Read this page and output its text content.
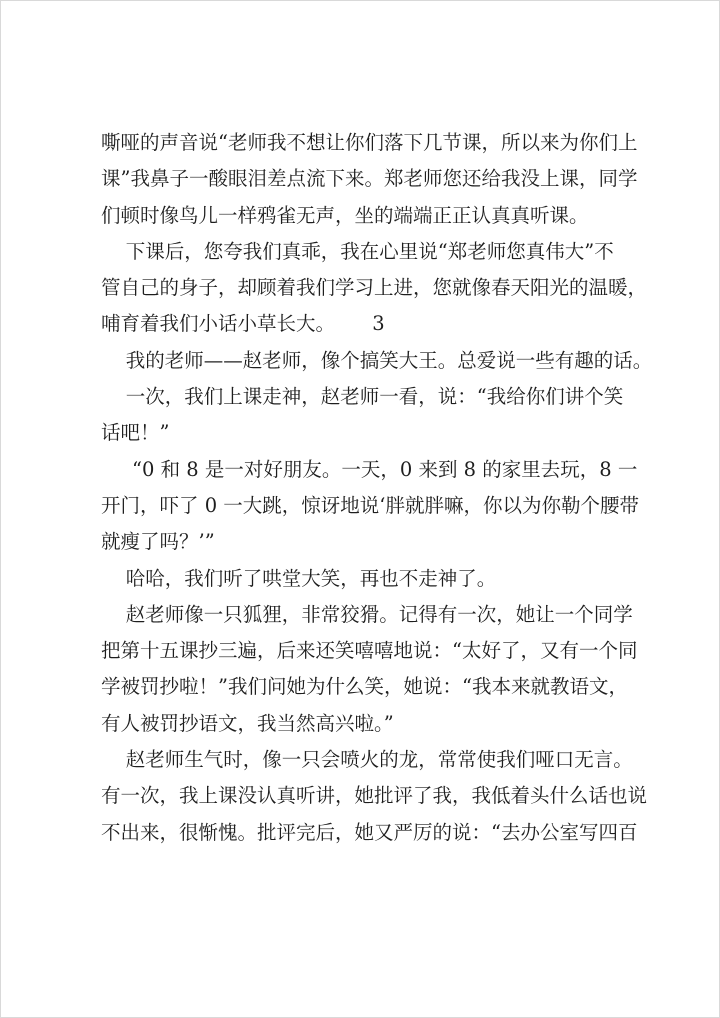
嘶哑的声音说“老师我不想让你们落下几节课，所以来为你们上

课”我鼻子一酸眼泪差点流下来。郑老师您还给我没上课，同学

们顿时像鸟儿一样鸦雀无声，坐的端端正正认真真听课。

下课后，您夸我们真乖，我在心里说“郑老师您真伟大”不

管自己的身子，却顾着我们学习上进，您就像春天阳光的温暖，

哺育着我们小话小草长大。      3

我的老师——赵老师，像个搞笑大王。总爱说一些有趣的话。

一次，我们上课走神，赵老师一看，说：“我给你们讲个笑

话吧！”

“0 和 8 是一对好朋友。一天，0 来到 8 的家里去玩，8 一

开门，吓了 0 一大跳，惊讶地说‘胖就胖嘛，你以为你勒个腰带

就瘦了吗？’”

哈哈，我们听了哄堂大笑，再也不走神了。

赵老师像一只狐狸，非常狡猾。记得有一次，她让一个同学

把第十五课抄三遍，后来还笑嘻嘻地说：“太好了，又有一个同

学被罚抄啦！”我们问她为什么笑，她说：“我本来就教语文，

有人被罚抄语文，我当然高兴啦。”

赵老师生气时，像一只会喷火的龙，常常使我们哑口无言。

有一次，我上课没认真听讲，她批评了我，我低着头什么话也说

不出来，很惭愧。批评完后，她又严厉的说：“去办公室写四百
